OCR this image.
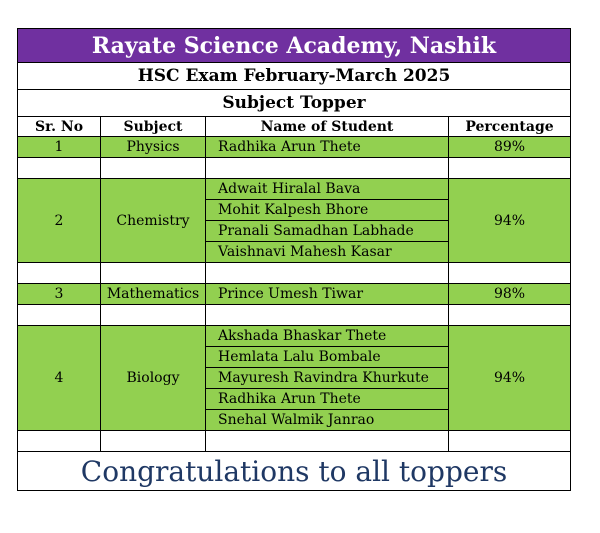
Rayate Science Academy, Nashik			
HSC Exam February-March 2025			
Subject Topper			
Sr. No	Subject	Name of Student	Percentage
1	Physics	Radhika Arun Thete	89%

2	Chemistry	Adwait Hiralal Bava	94%
		Mohit Kalpesh Bhore	
		Pranali Samadhan Labhade	
		Vaishnavi Mahesh Kasar	

3	Mathematics	Prince Umesh Tiwar	98%

4	Biology	Akshada Bhaskar Thete	94%
		Hemlata Lalu Bombale	
		Mayuresh Ravindra Khurkute	
		Radhika Arun Thete	
		Snehal Walmik Janrao	

Congratulations to all toppers			
